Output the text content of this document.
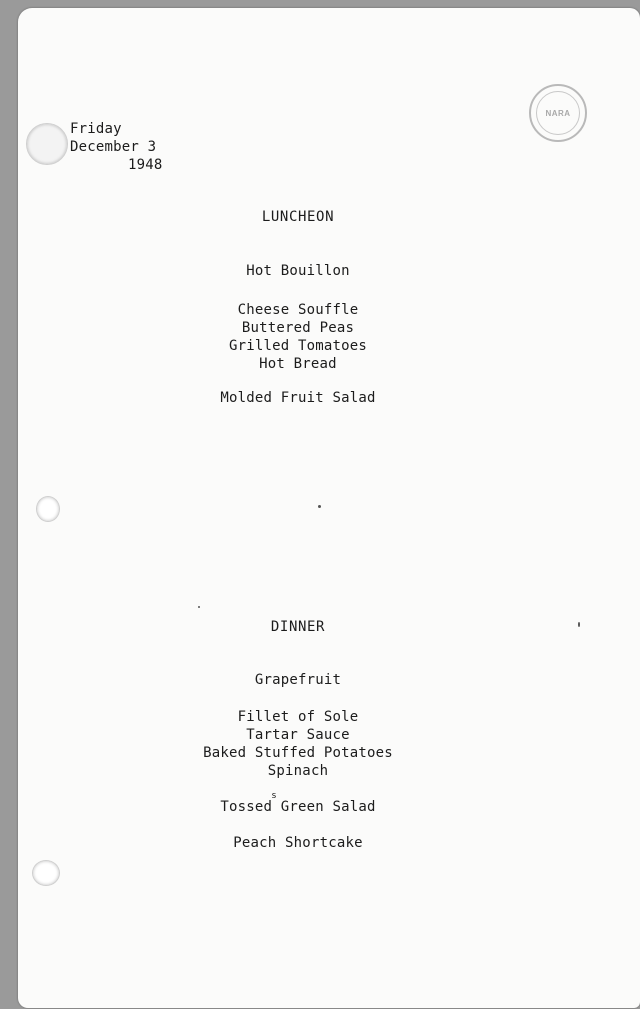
Friday
December 3
1948
NARA
LUNCHEON
Hot Bouillon
Cheese Souffle
Buttered Peas
Grilled Tomatoes
Hot Bread
Molded Fruit Salad
DINNER
Grapefruit
Fillet of Sole
Tartar Sauce
Baked Stuffed Potatoes
Spinach
$_s$
Tossed Green Salad
Peach Shortcake
